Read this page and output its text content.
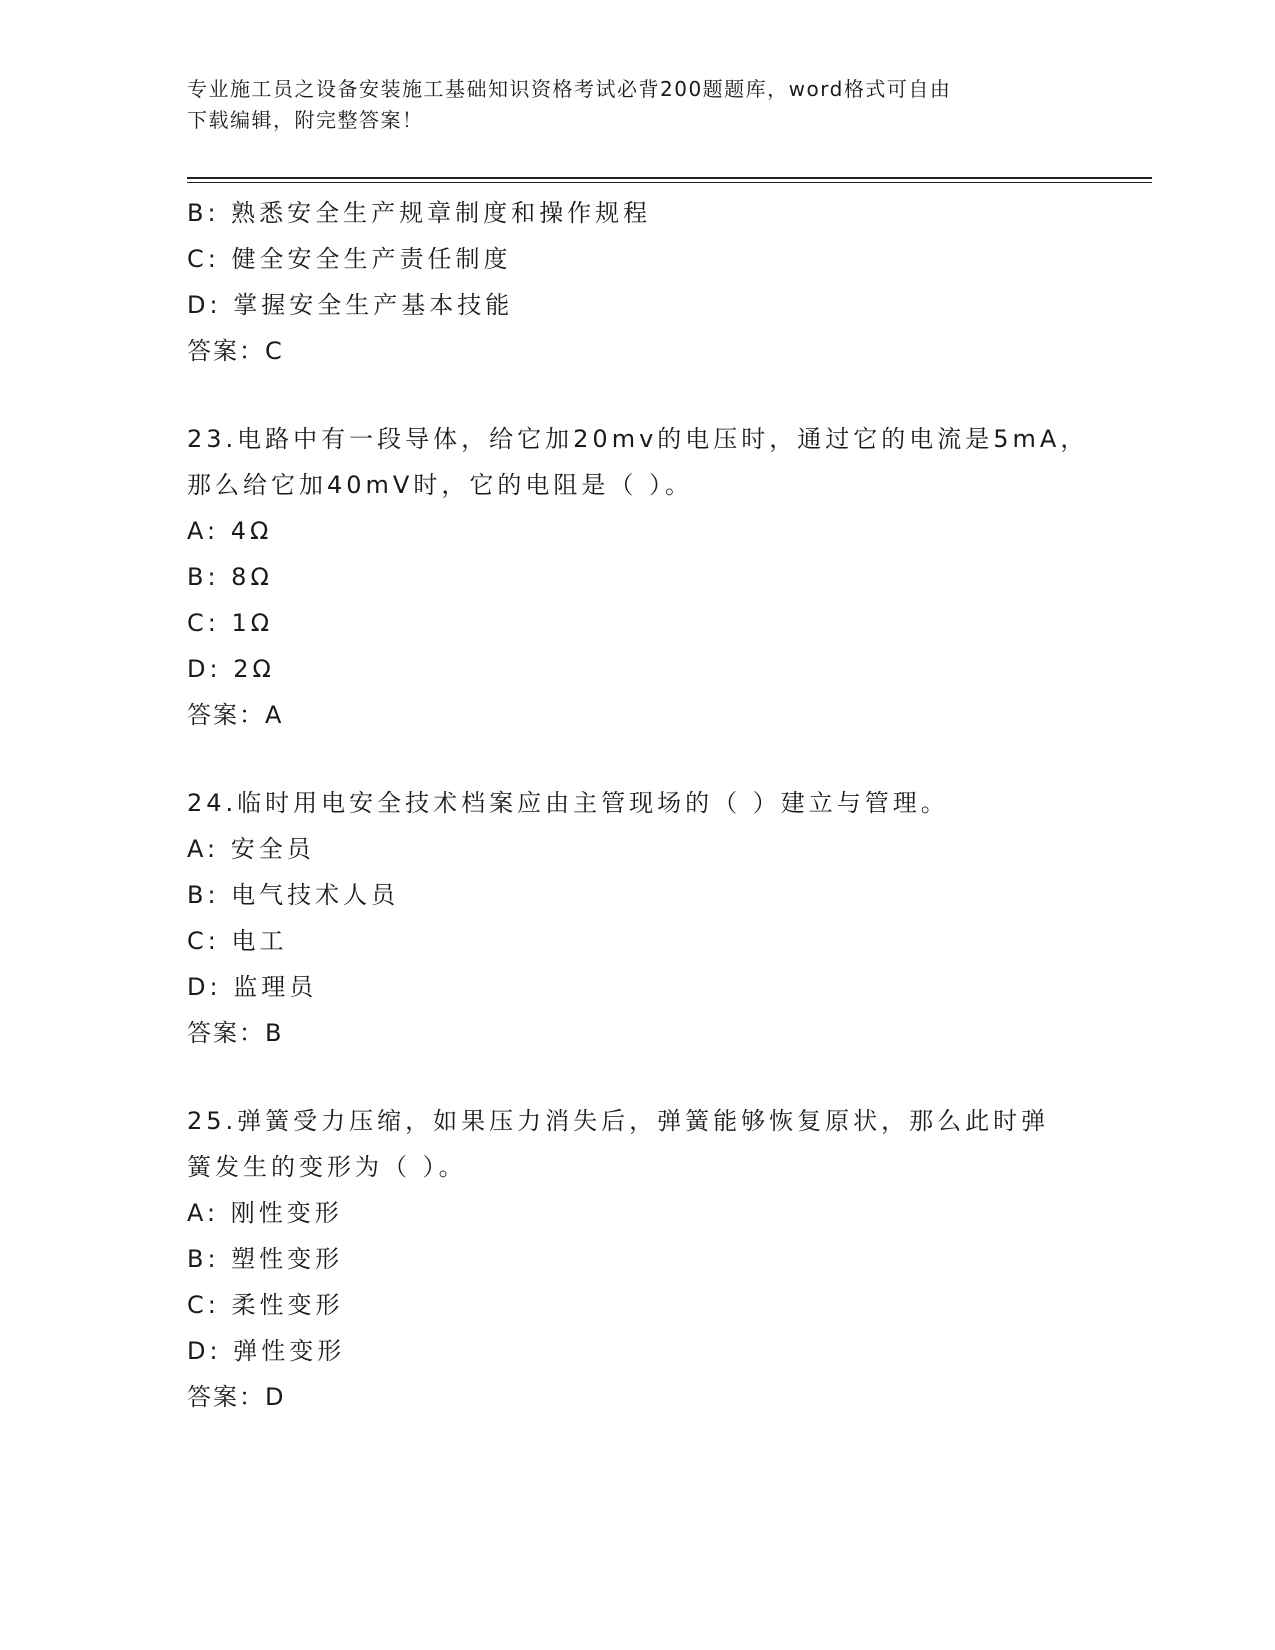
专业施工员之设备安装施工基础知识资格考试必背200题题库，word格式可自由
下载编辑，附完整答案！
B: 熟悉安全生产规章制度和操作规程
C: 健全安全生产责任制度
D: 掌握安全生产基本技能
答案：C
23.电路中有一段导体，给它加20mv的电压时，通过它的电流是5mA，
那么给它加40mV时，它的电阻是（ ）。
A: 4Ω
B: 8Ω
C: 1Ω
D: 2Ω
答案：A
24.临时用电安全技术档案应由主管现场的（ ）建立与管理。
A: 安全员
B: 电气技术人员
C: 电工
D: 监理员
答案：B
25.弹簧受力压缩，如果压力消失后，弹簧能够恢复原状，那么此时弹
簧发生的变形为（ ）。
A: 刚性变形
B: 塑性变形
C: 柔性变形
D: 弹性变形
答案：D
